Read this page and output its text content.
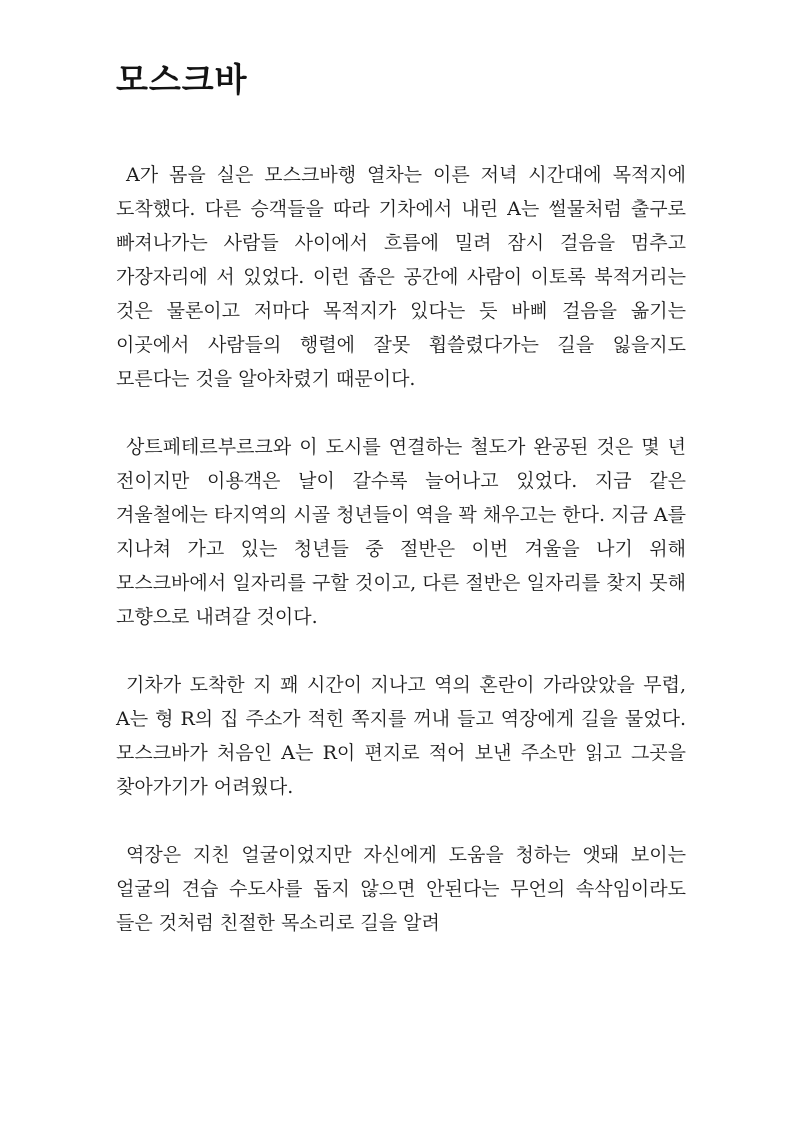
모스크바

A가 몸을 실은 모스크바행 열차는 이른 저녁 시간대에 목적지에 도착했다. 다른 승객들을 따라 기차에서 내린 A는 썰물처럼 출구로 빠져나가는 사람들 사이에서 흐름에 밀려 잠시 걸음을 멈추고 가장자리에 서 있었다. 이런 좁은 공간에 사람이 이토록 북적거리는 것은 물론이고 저마다 목적지가 있다는 듯 바삐 걸음을 옮기는 이곳에서 사람들의 행렬에 잘못 휩쓸렸다가는 길을 잃을지도 모른다는 것을 알아차렸기 때문이다.

상트페테르부르크와 이 도시를 연결하는 철도가 완공된 것은 몇 년 전이지만 이용객은 날이 갈수록 늘어나고 있었다. 지금 같은 겨울철에는 타지역의 시골 청년들이 역을 꽉 채우고는 한다. 지금 A를 지나쳐 가고 있는 청년들 중 절반은 이번 겨울을 나기 위해 모스크바에서 일자리를 구할 것이고, 다른 절반은 일자리를 찾지 못해 고향으로 내려갈 것이다.

기차가 도착한 지 꽤 시간이 지나고 역의 혼란이 가라앉았을 무렵, A는 형 R의 집 주소가 적힌 쪽지를 꺼내 들고 역장에게 길을 물었다. 모스크바가 처음인 A는 R이 편지로 적어 보낸 주소만 읽고 그곳을 찾아가기가 어려웠다.

역장은 지친 얼굴이었지만 자신에게 도움을 청하는 앳돼 보이는 얼굴의 견습 수도사를 돕지 않으면 안된다는 무언의 속삭임이라도 들은 것처럼 친절한 목소리로 길을 알려
